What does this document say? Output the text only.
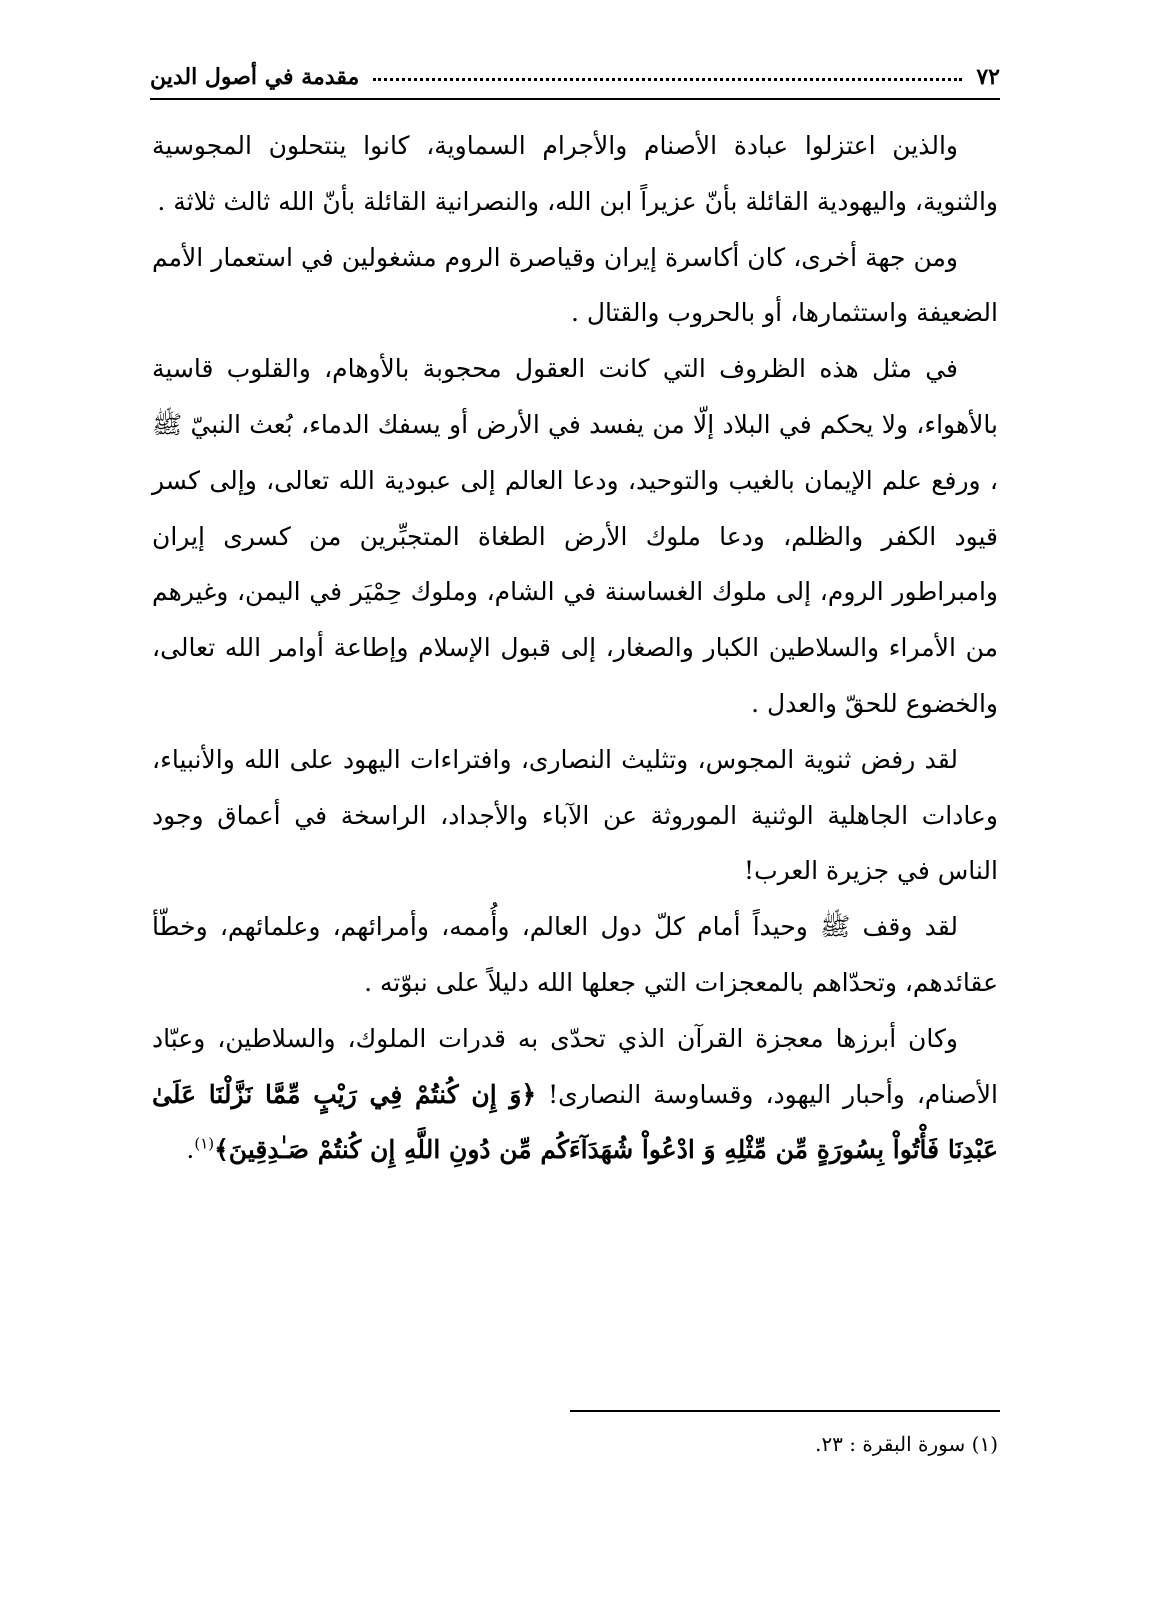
٧٢
مقدمة في أصول الدين

والذين اعتزلوا عبادة الأصنام والأجرام السماوية، كانوا ينتحلون المجوسية والثنوية، واليهودية القائلة بأنّ عزيراً ابن الله، والنصرانية القائلة بأنّ الله ثالث ثلاثة .

ومن جهة أخرى، كان أكاسرة إيران وقياصرة الروم مشغولين في استعمار الأمم الضعيفة واستثمارها، أو بالحروب والقتال .

في مثل هذه الظروف التي كانت العقول محجوبة بالأوهام، والقلوب قاسية بالأهواء، ولا يحكم في البلاد إلّا من يفسد في الأرض أو يسفك الدماء، بُعث النبيّ ﷺ ، ورفع علم الإيمان بالغيب والتوحيد، ودعا العالم إلى عبودية الله تعالى، وإلى كسر قيود الكفر والظلم، ودعا ملوك الأرض الطغاة المتجبِّرين من كسرى إيران وامبراطور الروم، إلى ملوك الغساسنة في الشام، وملوك حِمْيَر في اليمن، وغيرهم من الأمراء والسلاطين الكبار والصغار، إلى قبول الإسلام وإطاعة أوامر الله تعالى، والخضوع للحقّ والعدل .

لقد رفض ثنوية المجوس، وتثليث النصارى، وافتراءات اليهود على الله والأنبياء، وعادات الجاهلية الوثنية الموروثة عن الآباء والأجداد، الراسخة في أعماق وجود الناس في جزيرة العرب!

لقد وقف ﷺ وحيداً أمام كلّ دول العالم، وأُممه، وأمرائهم، وعلمائهم، وخطّأ عقائدهم، وتحدّاهم بالمعجزات التي جعلها الله دليلاً على نبوّته .

وكان أبرزها معجزة القرآن الذي تحدّى به قدرات الملوك، والسلاطين، وعبّاد الأصنام، وأحبار اليهود، وقساوسة النصارى! ﴿وَ إِن كُنتُمْ فِي رَيْبٍ مِّمَّا نَزَّلْنَا عَلَىٰ عَبْدِنَا فَأْتُواْ بِسُورَةٍ مِّن مِّثْلِهِ وَ ادْعُواْ شُهَدَآءَكُم مِّن دُونِ اللَّهِ إِن كُنتُمْ صَـٰدِقِينَ﴾$^{(١)}$.

(١) سورة البقرة : ٢٣.
